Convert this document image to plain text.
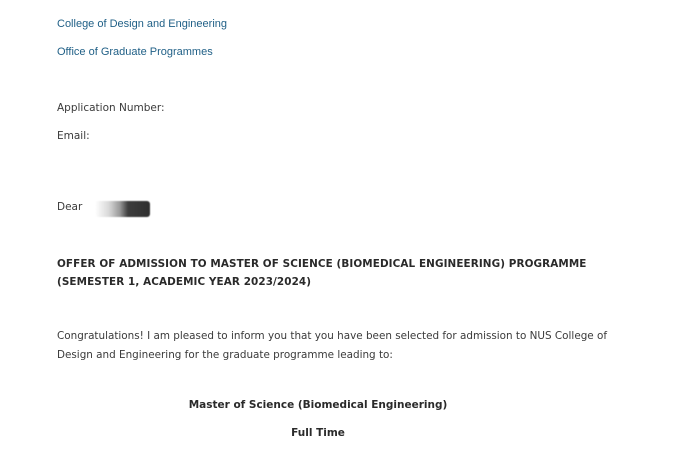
College of Design and Engineering
Office of Graduate Programmes
Application Number:
Email:
Dear
OFFER OF ADMISSION TO MASTER OF SCIENCE (BIOMEDICAL ENGINEERING) PROGRAMME
(SEMESTER 1, ACADEMIC YEAR 2023/2024)
Congratulations! I am pleased to inform you that you have been selected for admission to NUS College of
Design and Engineering for the graduate programme leading to:
Master of Science (Biomedical Engineering)
Full Time
